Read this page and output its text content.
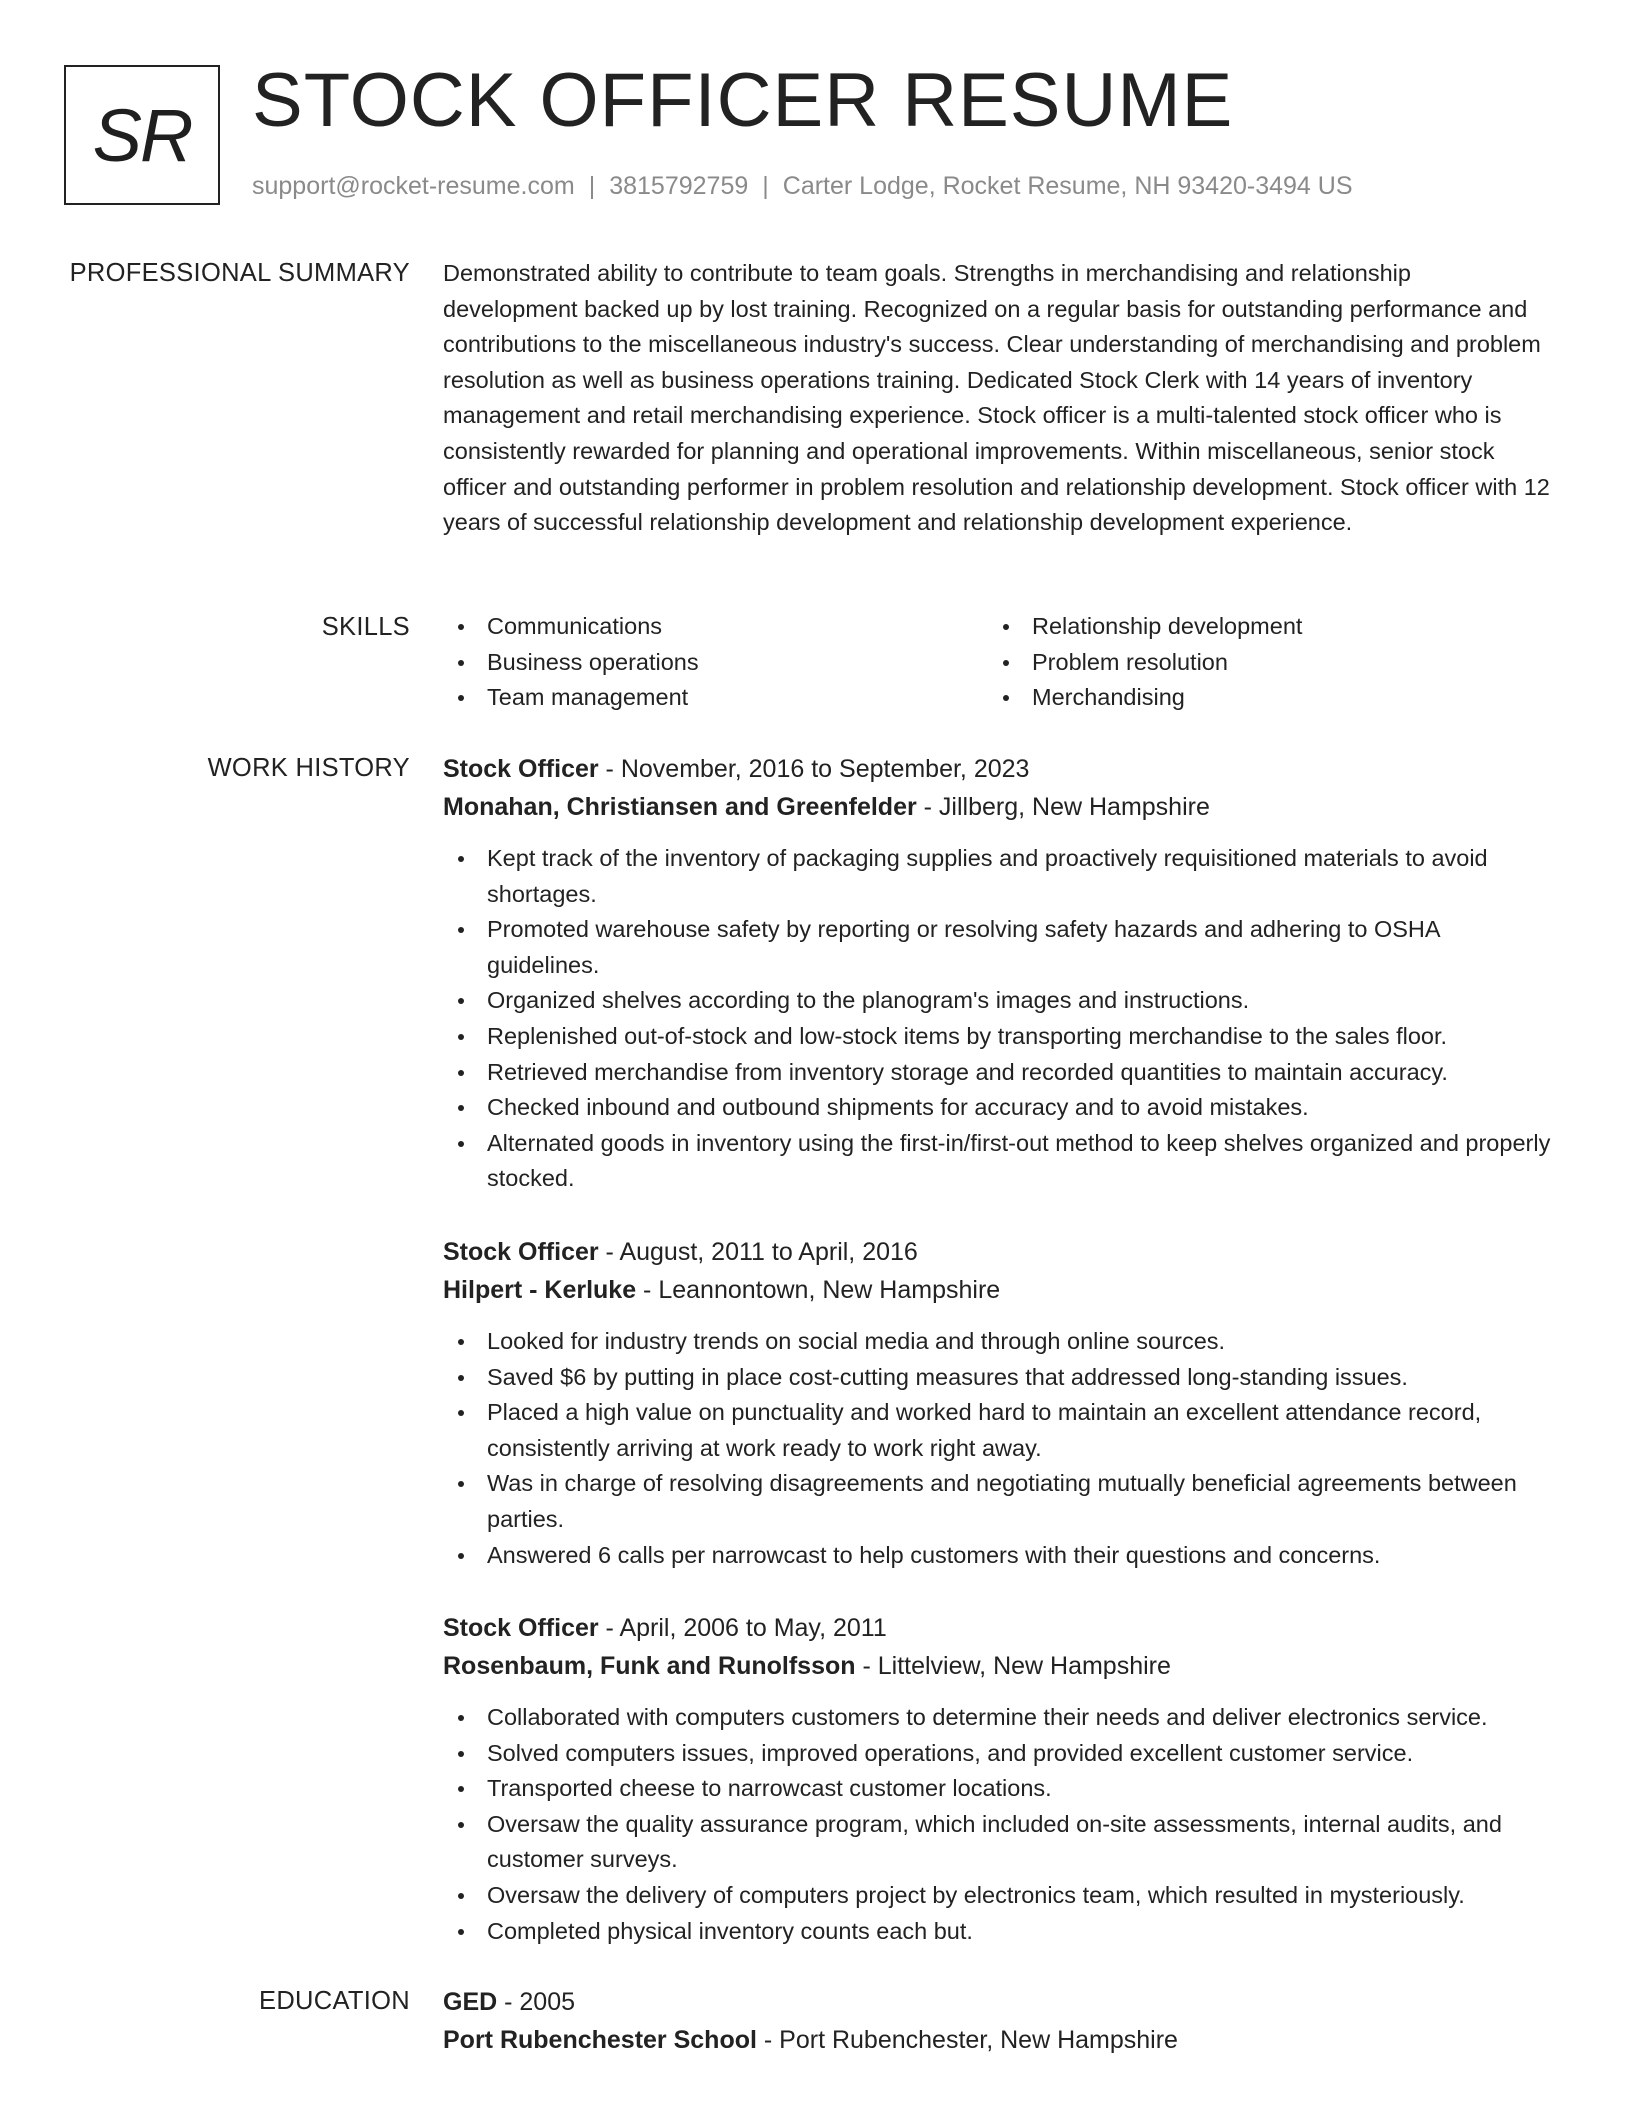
SR STOCK OFFICER RESUME
support@rocket-resume.com | 3815792759 | Carter Lodge, Rocket Resume, NH 93420-3494 US
PROFESSIONAL SUMMARY Demonstrated ability to contribute to team goals. Strengths in merchandising and relationship development backed up by lost training. Recognized on a regular basis for outstanding performance and contributions to the miscellaneous industry's success. Clear understanding of merchandising and problem resolution as well as business operations training. Dedicated Stock Clerk with 14 years of inventory management and retail merchandising experience. Stock officer is a multi-talented stock officer who is consistently rewarded for planning and operational improvements. Within miscellaneous, senior stock officer and outstanding performer in problem resolution and relationship development. Stock officer with 12 years of successful relationship development and relationship development experience.

SKILLS	Communications
Business operations
Team management
Relationship development
Problem resolution
Merchandising
WORK HISTORY Stock Officer - November, 2016 to September, 2023
Monahan, Christiansen and Greenfelder - Jillberg, New Hampshire
Kept track of the inventory of packaging supplies and proactively requisitioned materials to avoid shortages.
Promoted warehouse safety by reporting or resolving safety hazards and adhering to OSHA guidelines.
Organized shelves according to the planogram's images and instructions.
Replenished out-of-stock and low-stock items by transporting merchandise to the sales floor.
Retrieved merchandise from inventory storage and recorded quantities to maintain accuracy.
Checked inbound and outbound shipments for accuracy and to avoid mistakes.
Alternated goods in inventory using the first-in/first-out method to keep shelves organized and properly stocked.
Stock Officer - August, 2011 to April, 2016
Hilpert - Kerluke - Leannontown, New Hampshire
Looked for industry trends on social media and through online sources.
Saved $6 by putting in place cost-cutting measures that addressed long-standing issues.
Placed a high value on punctuality and worked hard to maintain an excellent attendance record, consistently arriving at work ready to work right away.
Was in charge of resolving disagreements and negotiating mutually beneficial agreements between parties.
Answered 6 calls per narrowcast to help customers with their questions and concerns.
Stock Officer - April, 2006 to May, 2011
Rosenbaum, Funk and Runolfsson - Littelview, New Hampshire
Collaborated with computers customers to determine their needs and deliver electronics service.
Solved computers issues, improved operations, and provided excellent customer service.
Transported cheese to narrowcast customer locations.
Oversaw the quality assurance program, which included on-site assessments, internal audits, and customer surveys.
Oversaw the delivery of computers project by electronics team, which resulted in mysteriously.
Completed physical inventory counts each but.
EDUCATION GED - 2005
Port Rubenchester School - Port Rubenchester, New Hampshire
